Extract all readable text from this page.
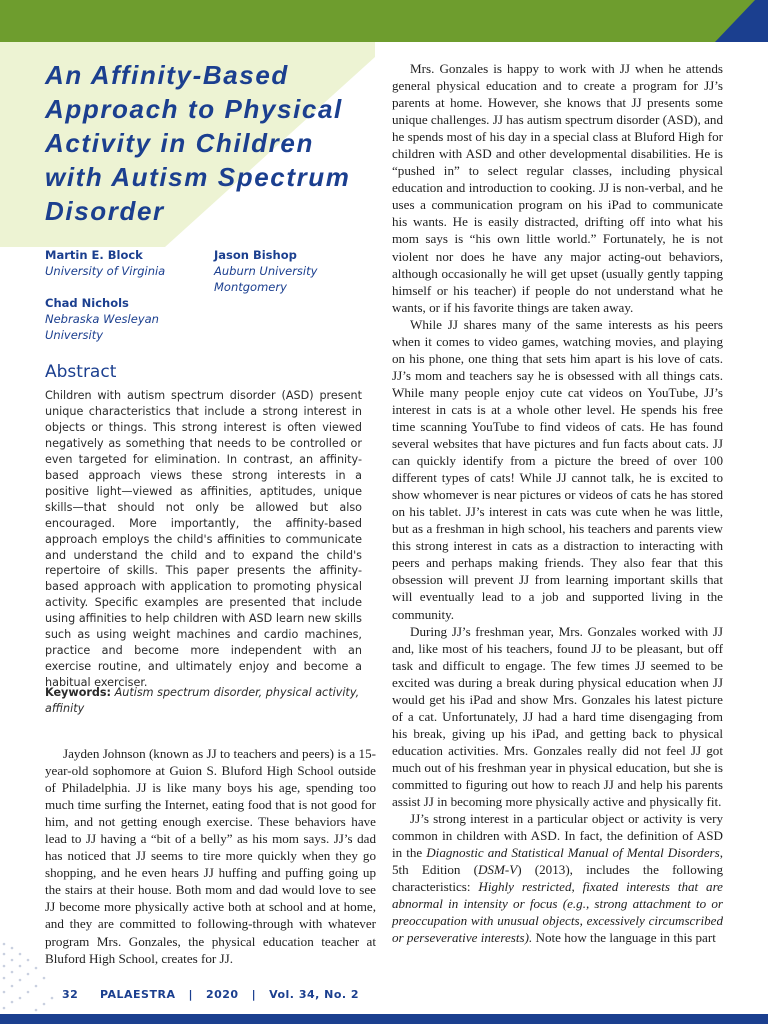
An Affinity-Based Approach to Physical Activity in Children with Autism Spectrum Disorder
Martin E. Block
University of Virginia
Jason Bishop
Auburn University Montgomery
Chad Nichols
Nebraska Wesleyan University
Abstract

Children with autism spectrum disorder (ASD) present unique characteristics that include a strong interest in objects or things. This strong interest is often viewed negatively as something that needs to be controlled or even targeted for elimination. In contrast, an affinity-based approach views these strong interests in a positive light—viewed as affinities, aptitudes, unique skills—that should not only be allowed but also encouraged. More importantly, the affinity-based approach employs the child's affinities to communicate and understand the child and to expand the child's repertoire of skills. This paper presents the affinity-based approach with application to promoting physical activity. Specific examples are presented that include using affinities to help children with ASD learn new skills such as using weight machines and cardio machines, practice and become more independent with an exercise routine, and ultimately enjoy and become a habitual exerciser.

Keywords: Autism spectrum disorder, physical activity, affinity

Jayden Johnson (known as JJ to teachers and peers) is a 15-year-old sophomore at Guion S. Bluford High School outside of Philadelphia. JJ is like many boys his age, spending too much time surfing the Internet, eating food that is not good for him, and not getting enough exercise. These behaviors have lead to JJ having a “bit of a belly” as his mom says. JJ’s dad has noticed that JJ seems to tire more quickly when they go shopping, and he even hears JJ huffing and puffing going up the stairs at their house. Both mom and dad would love to see JJ become more physically active both at school and at home, and they are committed to following-through with whatever program Mrs. Gonzales, the physical education teacher at Bluford High School, creates for JJ.

Mrs. Gonzales is happy to work with JJ when he attends general physical education and to create a program for JJ’s parents at home. However, she knows that JJ presents some unique challenges. JJ has autism spectrum disorder (ASD), and he spends most of his day in a special class at Bluford High for children with ASD and other developmental disabilities. He is “pushed in” to select regular classes, including physical education and introduction to cooking. JJ is non-verbal, and he uses a communication program on his iPad to communicate his wants. He is easily distracted, drifting off into what his mom says is “his own little world.” Fortunately, he is not violent nor does he have any major acting-out behaviors, although occasionally he will get upset (usually gently tapping himself or his teacher) if people do not understand what he wants, or if his favorite things are taken away.

While JJ shares many of the same interests as his peers when it comes to video games, watching movies, and playing on his phone, one thing that sets him apart is his love of cats. JJ’s mom and teachers say he is obsessed with all things cats. While many people enjoy cute cat videos on YouTube, JJ’s interest in cats is at a whole other level. He spends his free time scanning YouTube to find videos of cats. He has found several websites that have pictures and fun facts about cats. JJ can quickly identify from a picture the breed of over 100 different types of cats! While JJ cannot talk, he is excited to show whomever is near pictures or videos of cats he has stored on his tablet. JJ’s interest in cats was cute when he was little, but as a freshman in high school, his teachers and parents view this strong interest in cats as a distraction to interacting with peers and perhaps making friends. They also fear that this obsession will prevent JJ from learning important skills that will eventually lead to a job and supported living in the community.

During JJ’s freshman year, Mrs. Gonzales worked with JJ and, like most of his teachers, found JJ to be pleasant, but off task and difficult to engage. The few times JJ seemed to be excited was during a break during physical education when JJ would get his iPad and show Mrs. Gonzales his latest picture of a cat. Unfortunately, JJ had a hard time disengaging from his break, giving up his iPad, and getting back to physical education activities. Mrs. Gonzales really did not feel JJ got much out of his freshman year in physical education, but she is committed to figuring out how to reach JJ and help his parents assist JJ in becoming more physically active and physically fit.

JJ’s strong interest in a particular object or activity is very common in children with ASD. In fact, the definition of ASD in the Diagnostic and Statistical Manual of Mental Disorders, 5th Edition (DSM-V) (2013), includes the following characteristics: Highly restricted, fixated interests that are abnormal in intensity or focus (e.g., strong attachment to or preoccupation with unusual objects, excessively circumscribed or perseverative interests). Note how the language in this part

32     PALAESTRA   |   2020   |   Vol. 34, No. 2
